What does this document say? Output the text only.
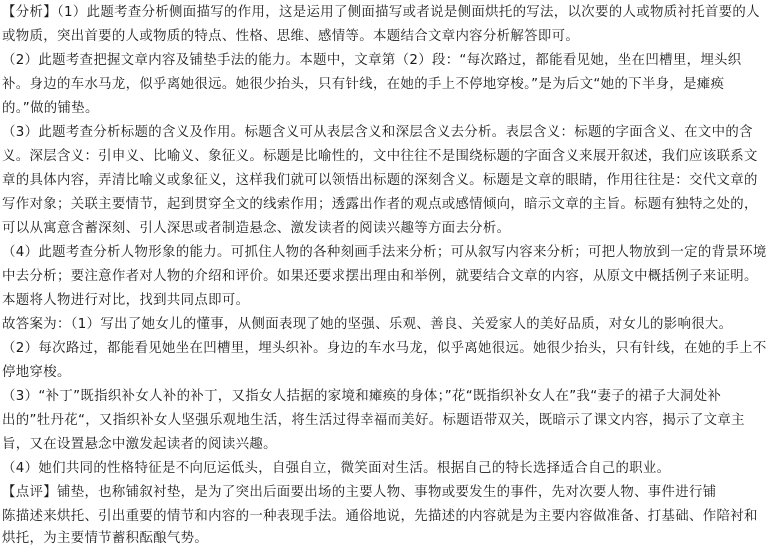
【分析】（1）此题考查分析侧面描写的作用，这是运用了侧面描写或者说是侧面烘托的写法，以次要的人或物质衬托首要的人
或物质，突出首要的人或物质的特点、性格、思维、感情等。本题结合文章内容分析解答即可。
（2）此题考查把握文章内容及铺垫手法的能力。本题中，文章第（2）段：“每次路过，都能看见她，坐在凹槽里，埋头织
补。身边的车水马龙，似乎离她很远。她很少抬头，只有针线，在她的手上不停地穿梭。”是为后文“她的下半身，是瘫痪
的。”做的铺垫。
（3）此题考查分析标题的含义及作用。标题含义可从表层含义和深层含义去分析。表层含义：标题的字面含义、在文中的含
义。深层含义：引申义、比喻义、象征义。标题是比喻性的，文中往往不是围绕标题的字面含义来展开叙述，我们应该联系文
章的具体内容，弄清比喻义或象征义，这样我们就可以领悟出标题的深刻含义。标题是文章的眼睛，作用往往是：交代文章的
写作对象；关联主要情节，起到贯穿全文的线索作用；透露出作者的观点或感情倾向，暗示文章的主旨。标题有独特之处的，
可以从寓意含蓄深刻、引人深思或者制造悬念、激发读者的阅读兴趣等方面去分析。
（4）此题考查分析人物形象的能力。可抓住人物的各种刻画手法来分析；可从叙写内容来分析；可把人物放到一定的背景环境
中去分析；要注意作者对人物的介绍和评价。如果还要求摆出理由和举例，就要结合文章的内容，从原文中概括例子来证明。
本题将人物进行对比，找到共同点即可。
故答案为：（1）写出了她女儿的懂事，从侧面表现了她的坚强、乐观、善良、关爱家人的美好品质，对女儿的影响很大。
（2）每次路过，都能看见她坐在凹槽里，埋头织补。身边的车水马龙，似乎离她很远。她很少抬头，只有针线，在她的手上不
停地穿梭。
（3）“补丁”既指织补女人补的补丁，又指女人拮据的家境和瘫痪的身体；”花“既指织补女人在”我“妻子的裙子大洞处补
出的”牡丹花“，又指织补女人坚强乐观地生活，将生活过得幸福而美好。标题语带双关，既暗示了课文内容，揭示了文章主
旨，又在设置悬念中激发起读者的阅读兴趣。
（4）她们共同的性格特征是不向厄运低头，自强自立，微笑面对生活。根据自己的特长选择适合自己的职业。
【点评】铺垫，也称铺叙衬垫，是为了突出后面要出场的主要人物、事物或要发生的事件，先对次要人物、事件进行铺
陈描述来烘托、引出重要的情节和内容的一种表现手法。通俗地说，先描述的内容就是为主要内容做准备、打基础、作陪衬和
烘托，为主要情节蓄积酝酿气势。
